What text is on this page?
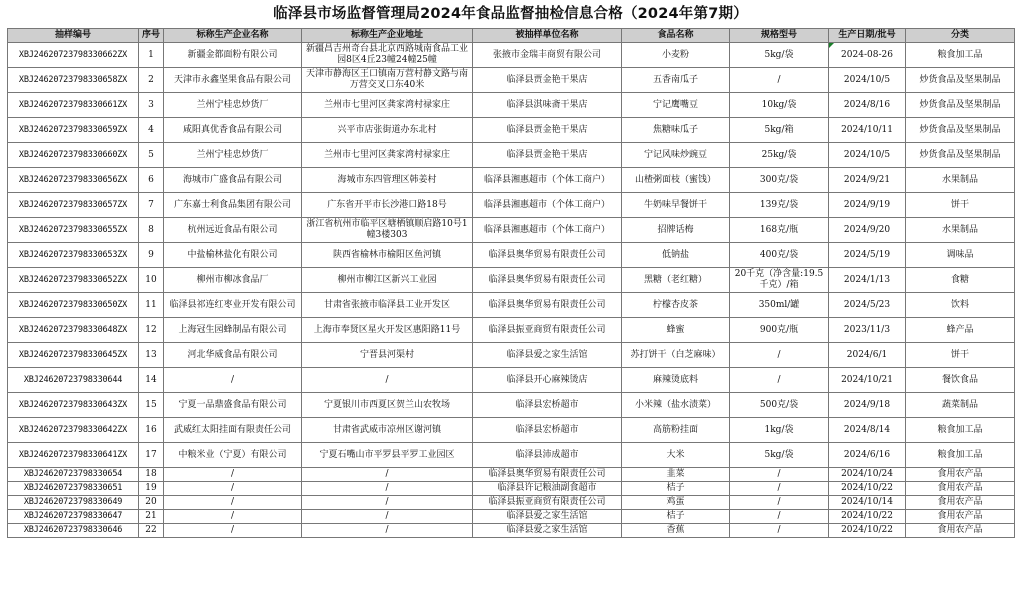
临泽县市场监督管理局2024年食品监督抽检信息合格（2024年第7期）
抽样编号	序号	标称生产企业名称	标称生产企业地址	被抽样单位名称	食品名称	规格型号	生产日期/批号	分类
XBJ24620723798330662ZX	1	新疆金都面粉有限公司	新疆昌吉州奇台县北京西路城南食品工业园8区4丘23幢24幢25幢	张掖市金瑞丰商贸有限公司	小麦粉	5kg/袋	2024-08-26	粮食加工品
XBJ24620723798330658ZX	2	天津市永鑫坚果食品有限公司	天津市静海区王口镇南万营村静文路与南万营交叉口东40米	临泽县贾金艳干果店	五香南瓜子	/	2024/10/5	炒货食品及坚果制品
XBJ24620723798330661ZX	3	兰州宁桂忠炒货厂	兰州市七里河区龚家湾村禄家庄	临泽县淇味斋干果店	宁记鹰嘴豆	10kg/袋	2024/8/16	炒货食品及坚果制品
XBJ24620723798330659ZX	4	咸阳真优香食品有限公司	兴平市店张街道办东北村	临泽县贾金艳干果店	焦糖味瓜子	5kg/箱	2024/10/11	炒货食品及坚果制品
XBJ24620723798330660ZX	5	兰州宁桂忠炒货厂	兰州市七里河区龚家湾村禄家庄	临泽县贾金艳干果店	宁记风味炒豌豆	25kg/袋	2024/10/5	炒货食品及坚果制品
XBJ24620723798330656ZX	6	海城市广盛食品有限公司	海城市东四管理区韩姜村	临泽县湘惠超市（个体工商户）	山楂粥面枝（蜜饯）	300克/袋	2024/9/21	水果制品
XBJ24620723798330657ZX	7	广东嘉士利食品集团有限公司	广东省开平市长沙港口路18号	临泽县湘惠超市（个体工商户）	牛奶味早餐饼干	139克/袋	2024/9/19	饼干
XBJ24620723798330655ZX	8	杭州远近食品有限公司	浙江省杭州市临平区塘栖镇顺启路10号1幢3楼303	临泽县湘惠超市（个体工商户）	招牌话梅	168克/瓶	2024/9/20	水果制品
XBJ24620723798330653ZX	9	中盐榆林盐化有限公司	陕西省榆林市榆阳区鱼河镇	临泽县奥华贸易有限责任公司	低钠盐	400克/袋	2024/5/19	调味品
XBJ24620723798330652ZX	10	柳州市柳冰食品厂	柳州市柳江区新兴工业园	临泽县奥华贸易有限责任公司	黑糖（老红糖）	20千克（净含量:19.5千克）/箱	2024/1/13	食糖
XBJ24620723798330650ZX	11	临泽县祁连红枣业开发有限公司	甘肃省张掖市临泽县工业开发区	临泽县奥华贸易有限责任公司	柠檬杏皮茶	350ml/罐	2024/5/23	饮料
XBJ24620723798330648ZX	12	上海冠生园蜂制品有限公司	上海市奉贤区星火开发区惠阳路11号	临泽县振亚商贸有限责任公司	蜂蜜	900克/瓶	2023/11/3	蜂产品
XBJ24620723798330645ZX	13	河北华威食品有限公司	宁晋县河渠村	临泽县爱之家生活馆	苏打饼干（白芝麻味）	/	2024/6/1	饼干
XBJ24620723798330644	14	/	/	临泽县开心麻辣烫店	麻辣烫底料	/	2024/10/21	餐饮食品
XBJ24620723798330643ZX	15	宁夏一品鼎盛食品有限公司	宁夏银川市西夏区贺兰山农牧场	临泽县宏桥超市	小米辣（盐水渍菜）	500克/袋	2024/9/18	蔬菜制品
XBJ24620723798330642ZX	16	武威红太阳挂面有限责任公司	甘肃省武威市凉州区谢河镇	临泽县宏桥超市	高筋粉挂面	1kg/袋	2024/8/14	粮食加工品
XBJ24620723798330641ZX	17	中粮米业（宁夏）有限公司	宁夏石嘴山市平罗县平罗工业园区	临泽县沛成超市	大米	5kg/袋	2024/6/16	粮食加工品
XBJ24620723798330654	18	/	/	临泽县奥华贸易有限责任公司	韭菜	/	2024/10/24	食用农产品
XBJ24620723798330651	19	/	/	临泽县许记粮油副食超市	桔子	/	2024/10/22	食用农产品
XBJ24620723798330649	20	/	/	临泽县振亚商贸有限责任公司	鸡蛋	/	2024/10/14	食用农产品
XBJ24620723798330647	21	/	/	临泽县爱之家生活馆	桔子	/	2024/10/22	食用农产品
XBJ24620723798330646	22	/	/	临泽县爱之家生活馆	香蕉	/	2024/10/22	食用农产品
